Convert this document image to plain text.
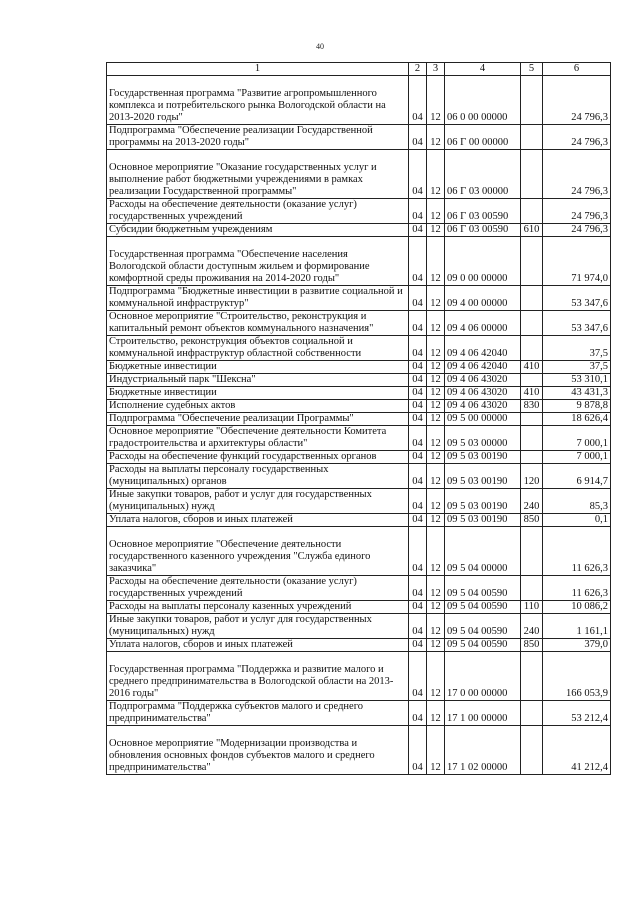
40
1	2	3	4	5	6
Государственная программа "Развитие агропромышленного комплекса и потребительского рынка Вологодской области на 2013-2020 годы"	04	12	06 0 00 00000		24 796,3
Подпрограмма "Обеспечение реализации Государственной программы на 2013-2020 годы"	04	12	06 Г 00 00000		24 796,3
Основное мероприятие "Оказание государственных услуг и выполнение работ бюджетными учреждениями в рамках реализации Государственной программы"	04	12	06 Г 03 00000		24 796,3
Расходы на обеспечение деятельности (оказание услуг) государственных учреждений	04	12	06 Г 03 00590		24 796,3
Субсидии бюджетным учреждениям	04	12	06 Г 03 00590	610	24 796,3
Государственная программа "Обеспечение населения Вологодской области доступным жильем и формирование комфортной среды проживания на 2014-2020 годы"	04	12	09 0 00 00000		71 974,0
Подпрограмма "Бюджетные инвестиции в развитие социальной и коммунальной инфраструктур"	04	12	09 4 00 00000		53 347,6
Основное мероприятие "Строительство, реконструкция и капитальный ремонт объектов коммунального назначения"	04	12	09 4 06 00000		53 347,6
Строительство, реконструкция объектов социальной и коммунальной инфраструктур областной собственности	04	12	09 4 06 42040		37,5
Бюджетные инвестиции	04	12	09 4 06 42040	410	37,5
Индустриальный парк "Шексна"	04	12	09 4 06 43020		53 310,1
Бюджетные инвестиции	04	12	09 4 06 43020	410	43 431,3
Исполнение судебных актов	04	12	09 4 06 43020	830	9 878,8
Подпрограмма "Обеспечение реализации Программы"	04	12	09 5 00 00000		18 626,4
Основное мероприятие "Обеспечение деятельности Комитета градостроительства и архитектуры области"	04	12	09 5 03 00000		7 000,1
Расходы на обеспечение функций государственных органов	04	12	09 5 03 00190		7 000,1
Расходы на выплаты персоналу государственных (муниципальных) органов	04	12	09 5 03 00190	120	6 914,7
Иные закупки товаров, работ и услуг для государственных (муниципальных) нужд	04	12	09 5 03 00190	240	85,3
Уплата налогов, сборов и иных платежей	04	12	09 5 03 00190	850	0,1
Основное мероприятие "Обеспечение деятельности государственного казенного учреждения "Служба единого заказчика"	04	12	09 5 04 00000		11 626,3
Расходы на обеспечение деятельности (оказание услуг) государственных учреждений	04	12	09 5 04 00590		11 626,3
Расходы на выплаты персоналу казенных учреждений	04	12	09 5 04 00590	110	10 086,2
Иные закупки товаров, работ и услуг для государственных (муниципальных) нужд	04	12	09 5 04 00590	240	1 161,1
Уплата налогов, сборов и иных платежей	04	12	09 5 04 00590	850	379,0
Государственная программа "Поддержка и развитие малого и среднего предпринимательства в Вологодской области на 2013-2016 годы"	04	12	17 0 00 00000		166 053,9
Подпрограмма "Поддержка субъектов малого и среднего предпринимательства"	04	12	17 1 00 00000		53 212,4
Основное мероприятие "Модернизации производства и обновления основных фондов субъектов малого и среднего предпринимательства"	04	12	17 1 02 00000		41 212,4
